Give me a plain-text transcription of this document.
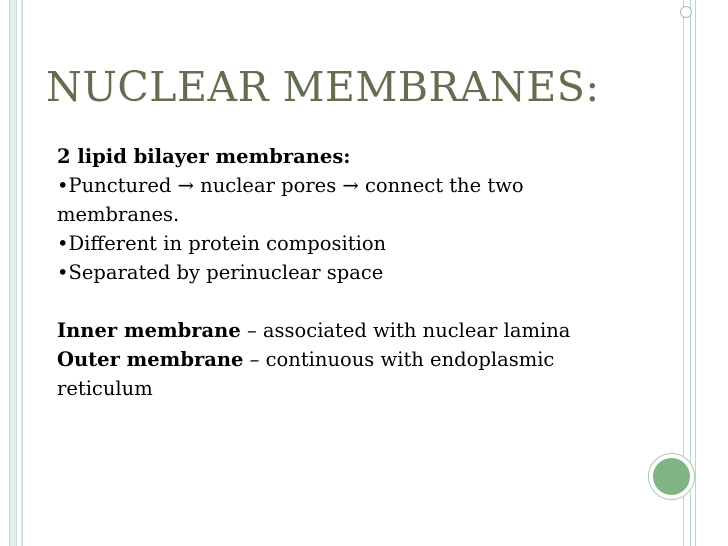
NUCLEAR MEMBRANES:

2 lipid bilayer membranes:

•Punctured → nuclear pores → connect the two membranes.

•Different in protein composition

•Separated by perinuclear space

Inner membrane – associated with nuclear lamina

Outer membrane – continuous with endoplasmic reticulum
